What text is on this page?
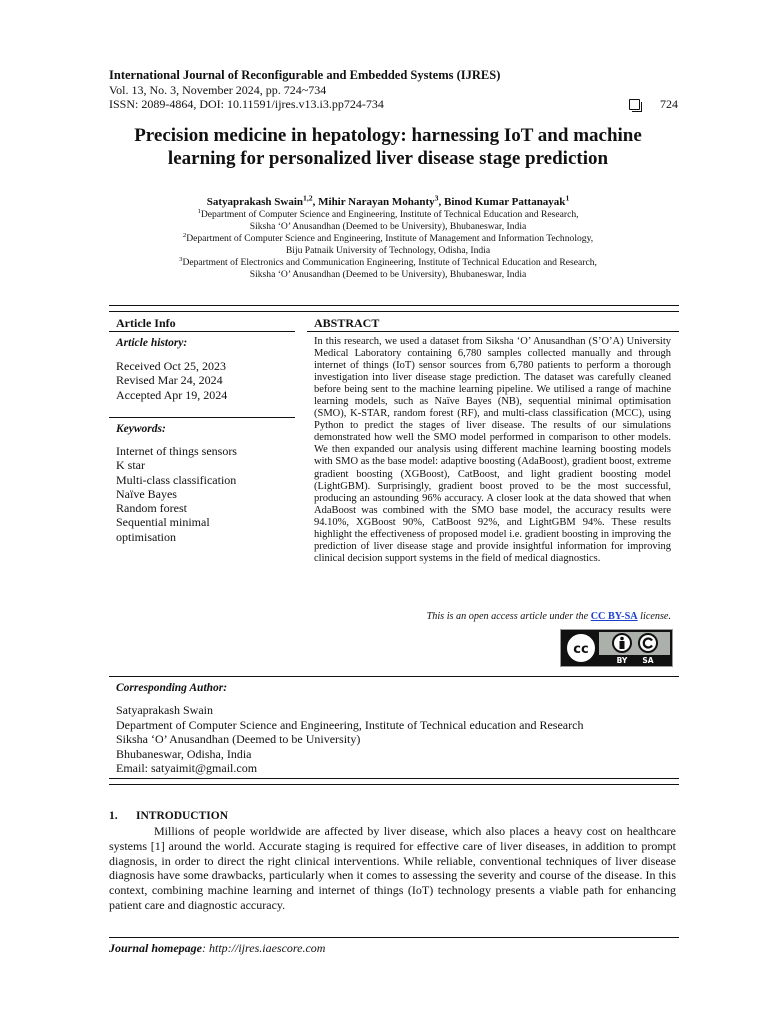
International Journal of Reconfigurable and Embedded Systems (IJRES)
Vol. 13, No. 3, November 2024, pp. 724~734
ISSN: 2089-4864, DOI: 10.11591/ijres.v13.i3.pp724-734	724
Precision medicine in hepatology: harnessing IoT and machine
learning for personalized liver disease stage prediction
Satyaprakash Swain$^{1,2}$, Mihir Narayan Mohanty$^3$, Binod Kumar Pattanayak$^1$
$^1$Department of Computer Science and Engineering, Institute of Technical Education and Research,
Siksha ‘O’ Anusandhan (Deemed to be University), Bhubaneswar, India
$^2$Department of Computer Science and Engineering, Institute of Management and Information Technology,
Biju Patnaik University of Technology, Odisha, India
$^3$Department of Electronics and Communication Engineering, Institute of Technical Education and Research,
Siksha ‘O’ Anusandhan (Deemed to be University), Bhubaneswar, India
Article Info
Article history:
Received Oct 25, 2023
Revised Mar 24, 2024
Accepted Apr 19, 2024
Keywords:
Internet of things sensors
K star
Multi-class classification
Naïve Bayes
Random forest
Sequential minimal
optimisation
ABSTRACT
In this research, we used a dataset from Siksha ‘O’ Anusandhan (S’O’A) University Medical Laboratory containing 6,780 samples collected manually and through internet of things (IoT) sensor sources from 6,780 patients to perform a thorough investigation into liver disease stage prediction. The dataset was carefully cleaned before being sent to the machine learning pipeline. We utilised a range of machine learning models, such as Naïve Bayes (NB), sequential minimal optimisation (SMO), K-STAR, random forest (RF), and multi-class classification (MCC), using Python to predict the stages of liver disease. The results of our simulations demonstrated how well the SMO model performed in comparison to other models. We then expanded our analysis using different machine learning boosting models with SMO as the base model: adaptive boosting (AdaBoost), gradient boost, extreme gradient boosting (XGBoost), CatBoost, and light gradient boosting model (LightGBM). Surprisingly, gradient boost proved to be the most successful, producing an astounding 96% accuracy. A closer look at the data showed that when AdaBoost was combined with the SMO base model, the accuracy results were 94.10%, XGBoost 90%, CatBoost 92%, and LightGBM 94%. These results highlight the effectiveness of proposed model i.e. gradient boosting in improving the prediction of liver disease stage and provide insightful information for improving clinical decision support systems in the field of medical diagnostics.
This is an open access article under the CC BY-SA license.
cc
BY SA
Corresponding Author:
Satyaprakash Swain
Department of Computer Science and Engineering, Institute of Technical education and Research
Siksha ‘O’ Anusandhan (Deemed to be University)
Bhubaneswar, Odisha, India
Email: satyaimit@gmail.com
1. INTRODUCTION
Millions of people worldwide are affected by liver disease, which also places a heavy cost on healthcare systems [1] around the world. Accurate staging is required for effective care of liver diseases, in addition to prompt diagnosis, in order to direct the right clinical interventions. While reliable, conventional techniques of liver disease diagnosis have some drawbacks, particularly when it comes to assessing the severity and course of the disease. In this context, combining machine learning and internet of things (IoT) technology presents a viable path for enhancing patient care and diagnostic accuracy.
Journal homepage: http://ijres.iaescore.com
